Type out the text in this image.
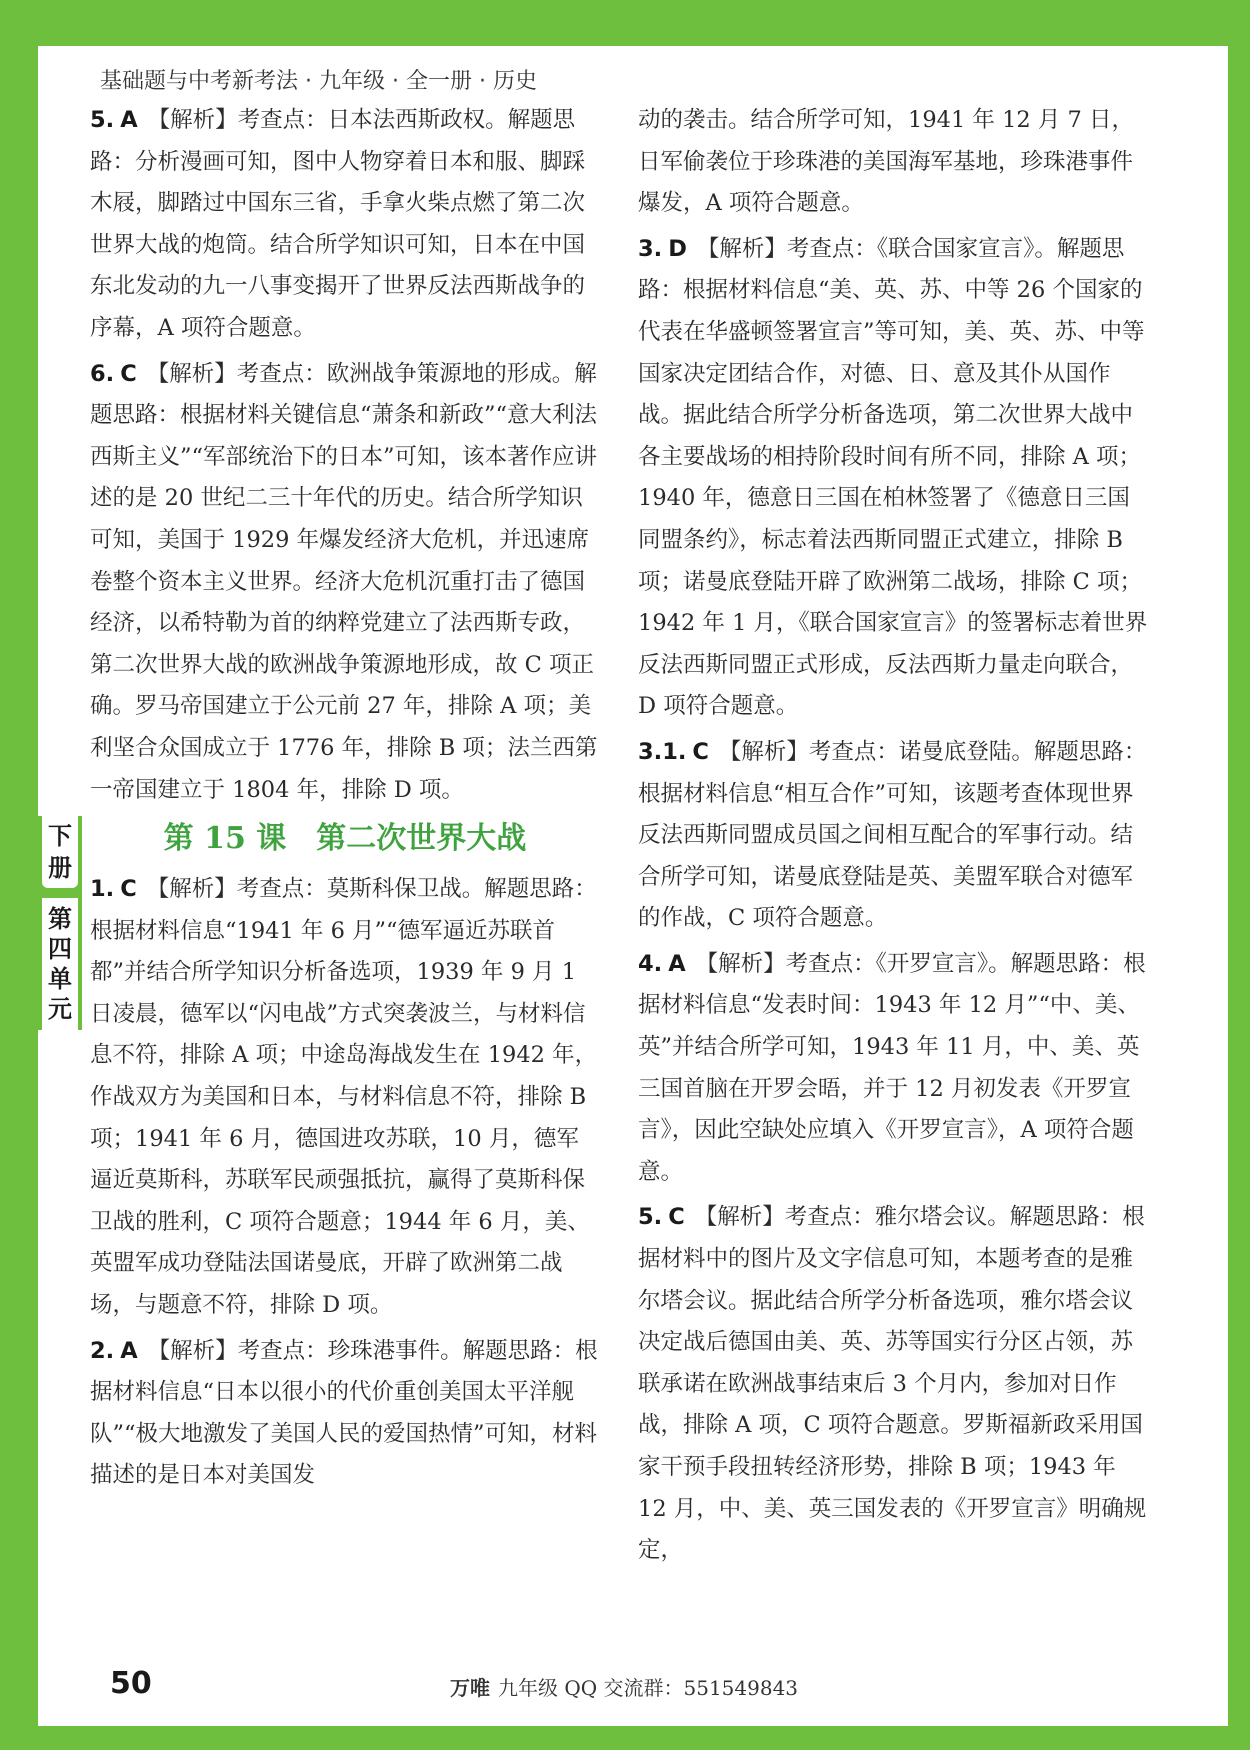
基础题与中考新考法 · 九年级 · 全一册 · 历史
下册
第四单元
5. A 【解析】考查点：日本法西斯政权。解题思路：分析漫画可知，图中人物穿着日本和服、脚踩木屐，脚踏过中国东三省，手拿火柴点燃了第二次世界大战的炮筒。结合所学知识可知，日本在中国东北发动的九一八事变揭开了世界反法西斯战争的序幕，A 项符合题意。
6. C 【解析】考查点：欧洲战争策源地的形成。解题思路：根据材料关键信息“萧条和新政”“意大利法西斯主义”“军部统治下的日本”可知，该本著作应讲述的是 20 世纪二三十年代的历史。结合所学知识可知，美国于 1929 年爆发经济大危机，并迅速席卷整个资本主义世界。经济大危机沉重打击了德国经济，以希特勒为首的纳粹党建立了法西斯专政，第二次世界大战的欧洲战争策源地形成，故 C 项正确。罗马帝国建立于公元前 27 年，排除 A 项；美利坚合众国成立于 1776 年，排除 B 项；法兰西第一帝国建立于 1804 年，排除 D 项。
第 15 课　第二次世界大战
1. C 【解析】考查点：莫斯科保卫战。解题思路：根据材料信息“1941 年 6 月”“德军逼近苏联首都”并结合所学知识分析备选项，1939 年 9 月 1 日凌晨，德军以“闪电战”方式突袭波兰，与材料信息不符，排除 A 项；中途岛海战发生在 1942 年，作战双方为美国和日本，与材料信息不符，排除 B 项；1941 年 6 月，德国进攻苏联，10 月，德军逼近莫斯科，苏联军民顽强抵抗，赢得了莫斯科保卫战的胜利，C 项符合题意；1944 年 6 月，美、英盟军成功登陆法国诺曼底，开辟了欧洲第二战场，与题意不符，排除 D 项。
2. A 【解析】考查点：珍珠港事件。解题思路：根据材料信息“日本以很小的代价重创美国太平洋舰队”“极大地激发了美国人民的爱国热情”可知，材料描述的是日本对美国发
动的袭击。结合所学可知，1941 年 12 月 7 日，日军偷袭位于珍珠港的美国海军基地，珍珠港事件爆发，A 项符合题意。
3. D 【解析】考查点：《联合国家宣言》。解题思路：根据材料信息“美、英、苏、中等 26 个国家的代表在华盛顿签署宣言”等可知，美、英、苏、中等国家决定团结合作，对德、日、意及其仆从国作战。据此结合所学分析备选项，第二次世界大战中各主要战场的相持阶段时间有所不同，排除 A 项；1940 年，德意日三国在柏林签署了《德意日三国同盟条约》，标志着法西斯同盟正式建立，排除 B 项；诺曼底登陆开辟了欧洲第二战场，排除 C 项；1942 年 1 月，《联合国家宣言》的签署标志着世界反法西斯同盟正式形成，反法西斯力量走向联合，D 项符合题意。
3.1. C 【解析】考查点：诺曼底登陆。解题思路：根据材料信息“相互合作”可知，该题考查体现世界反法西斯同盟成员国之间相互配合的军事行动。结合所学可知，诺曼底登陆是英、美盟军联合对德军的作战，C 项符合题意。
4. A 【解析】考查点：《开罗宣言》。解题思路：根据材料信息“发表时间：1943 年 12 月”“中、美、英”并结合所学可知，1943 年 11 月，中、美、英三国首脑在开罗会晤，并于 12 月初发表《开罗宣言》，因此空缺处应填入《开罗宣言》，A 项符合题意。
5. C 【解析】考查点：雅尔塔会议。解题思路：根据材料中的图片及文字信息可知，本题考查的是雅尔塔会议。据此结合所学分析备选项，雅尔塔会议决定战后德国由美、英、苏等国实行分区占领，苏联承诺在欧洲战事结束后 3 个月内，参加对日作战，排除 A 项，C 项符合题意。罗斯福新政采用国家干预手段扭转经济形势，排除 B 项；1943 年 12 月，中、美、英三国发表的《开罗宣言》明确规定，
50	万唯 九年级 QQ 交流群：551549843
